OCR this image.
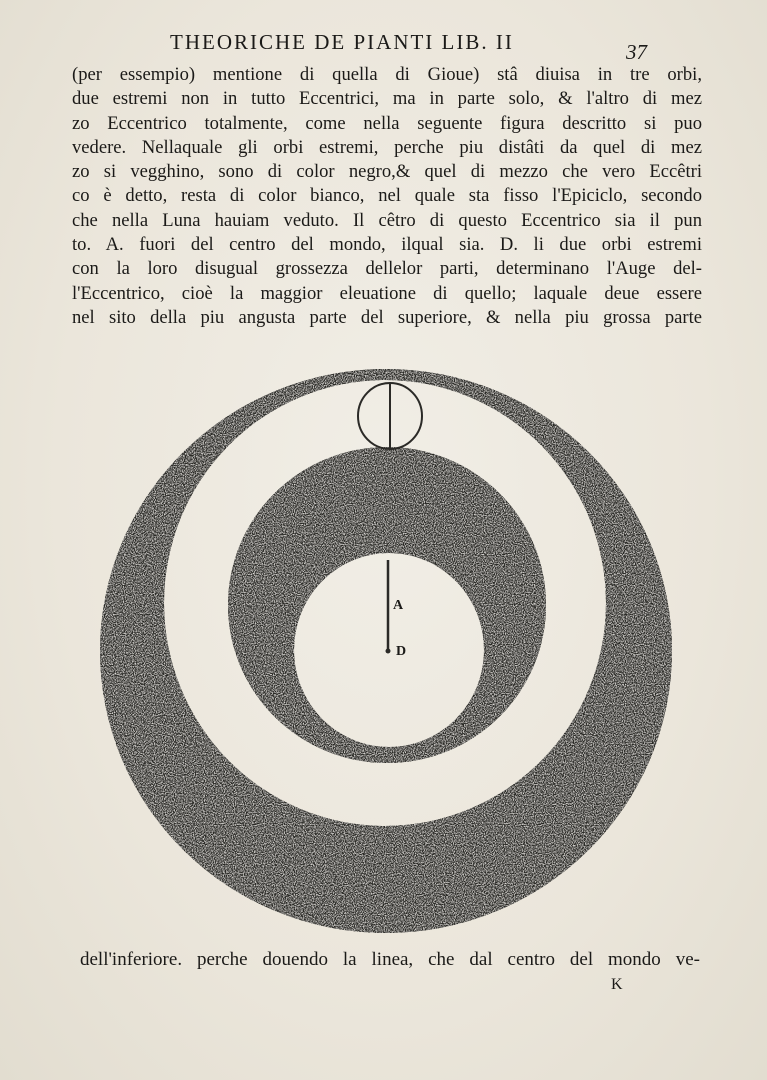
THEORICHE DE PIANTI LIB. II	37
(per essempio) mentione di quella di Gioue) stâ diuisa in tre orbi,
due estremi non in tutto Eccentrici, ma in parte solo, & l'altro di mez
zo Eccentrico totalmente, come nella seguente figura descritto si puo
vedere. Nellaquale gli orbi estremi, perche piu distâti da quel di mez
zo si vegghino, sono di color negro,& quel di mezzo che vero Eccêtri
co è detto, resta di color bianco, nel quale sta fisso l'Epiciclo, secondo
che nella Luna hauiam veduto. Il cêtro di questo Eccentrico sia il pun
to. A. fuori del centro del mondo, ilqual sia. D. li due orbi estremi
con la loro disugual grossezza dellelor parti, determinano l'Auge del-
l'Eccentrico, cioè la maggior eleuatione di quello; laquale deue essere
nel sito della piu angusta parte del superiore, & nella piu grossa parte
A
D
dell'inferiore. perche douendo la linea, che dal centro del mondo ve-
K
